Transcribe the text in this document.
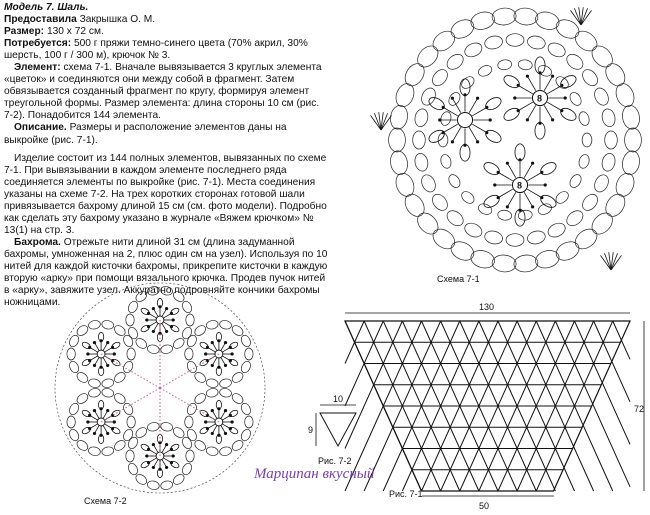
Модель 7. Шаль.

Предоставила Закрышка О. М.

Размер: 130 х 72 см.

Потребуется: 500 г пряжи темно-синего цвета (70% акрил, 30% шерсть, 100 г / 300 м), крючок № 3.

Элемент: схема 7-1. Вначале вывязывается 3 круглых элемента «цветок» и соединяются они между собой в фрагмент. Затем обвязывается созданный фрагмент по кругу, формируя элемент треугольной формы. Размер элемента: длина стороны 10 см (рис. 7-2). Понадобится 144 элемента.

Описание. Размеры и расположение элементов даны на выкройке (рис. 7-1).

Изделие состоит из 144 полных элементов, вывязанных по схеме 7-1. При вывязывании в каждом элементе последнего ряда соединяется элементы по выкройке (рис. 7-1). Места соединения указаны на схеме 7-2. На трех коротких сторонах готовой шали привязывается бахрому длиной 15 см (см. фото модели). Подробно как сделать эту бахрому указано в журнале «Вяжем крючком» № 13(1) на стр. 3.

Бахрома. Отрежьте нити длиной 31 см (длина задуманной бахромы, умноженная на 2, плюс один см на узел). Используя по 10 нитей для каждой кисточки бахромы, прикрепите кисточки в каждую вторую «арку» при помощи вязального крючка. Продев пучок нитей в «арку», завяжите узел. Аккуратно подровняйте кончики бахромы ножницами.

8
8
Схема 7-1
Схема 7-2
10
9
Рис. 7-2
130
72
50
Рис. 7-1
Марципан вкусный
